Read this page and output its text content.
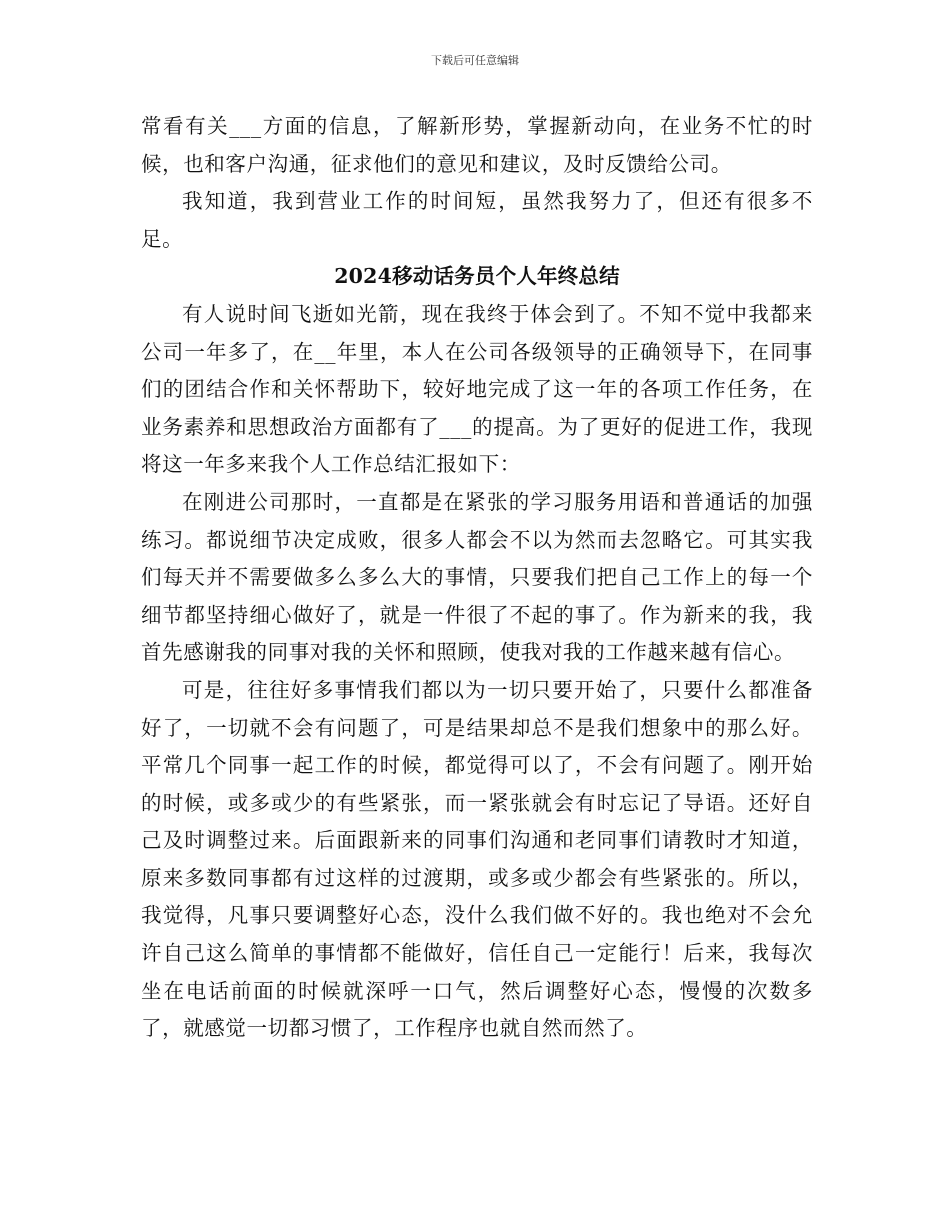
下载后可任意编辑

常看有关___方面的信息，了解新形势，掌握新动向，在业务不忙的时候，也和客户沟通，征求他们的意见和建议，及时反馈给公司。

我知道，我到营业工作的时间短，虽然我努力了，但还有很多不足。

2024移动话务员个人年终总结

有人说时间飞逝如光箭，现在我终于体会到了。不知不觉中我都来公司一年多了，在__年里，本人在公司各级领导的正确领导下，在同事们的团结合作和关怀帮助下，较好地完成了这一年的各项工作任务，在业务素养和思想政治方面都有了___的提高。为了更好的促进工作，我现将这一年多来我个人工作总结汇报如下：

在刚进公司那时，一直都是在紧张的学习服务用语和普通话的加强练习。都说细节决定成败，很多人都会不以为然而去忽略它。可其实我们每天并不需要做多么多么大的事情，只要我们把自己工作上的每一个细节都坚持细心做好了，就是一件很了不起的事了。作为新来的我，我首先感谢我的同事对我的关怀和照顾，使我对我的工作越来越有信心。

可是，往往好多事情我们都以为一切只要开始了，只要什么都准备好了，一切就不会有问题了，可是结果却总不是我们想象中的那么好。平常几个同事一起工作的时候，都觉得可以了，不会有问题了。刚开始的时候，或多或少的有些紧张，而一紧张就会有时忘记了导语。还好自己及时调整过来。后面跟新来的同事们沟通和老同事们请教时才知道，原来多数同事都有过这样的过渡期，或多或少都会有些紧张的。所以，我觉得，凡事只要调整好心态，没什么我们做不好的。我也绝对不会允许自己这么简单的事情都不能做好，信任自己一定能行！后来，我每次坐在电话前面的时候就深呼一口气，然后调整好心态，慢慢的次数多了，就感觉一切都习惯了，工作程序也就自然而然了。
